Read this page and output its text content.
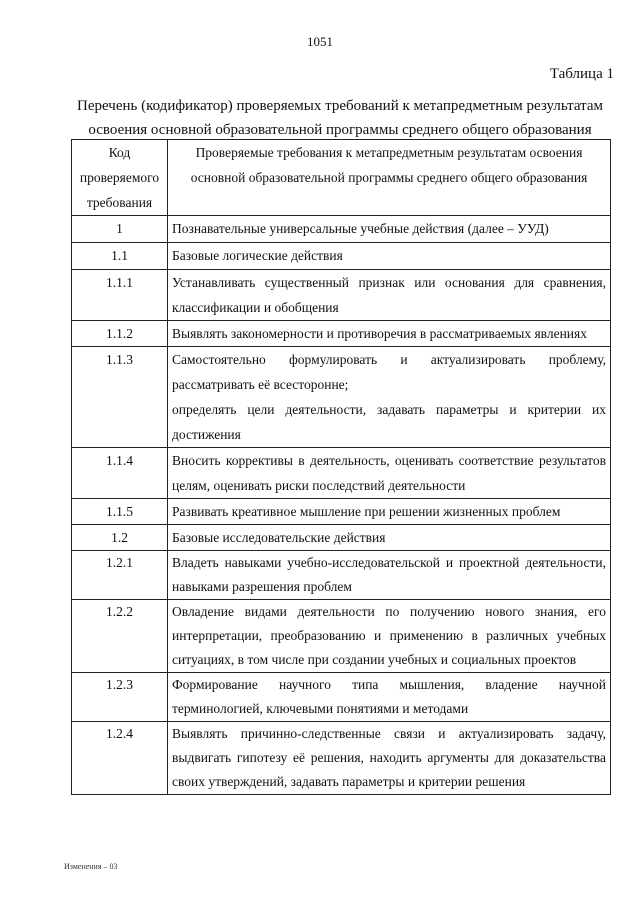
1051
Таблица 1
Перечень (кодификатор) проверяемых требований к метапредметным результатам освоения основной образовательной программы среднего общего образования
Код проверяемого требования	Проверяемые требования к метапредметным результатам освоения основной образовательной программы среднего общего образования
1	Познавательные универсальные учебные действия (далее – УУД)

1.1	Базовые логические действия

1.1.1	Устанавливать существенный признак или основания для сравнения, классификации и обобщения

1.1.2	Выявлять закономерности и противоречия в рассматриваемых явлениях

1.1.3	Самостоятельно формулировать и актуализировать проблему, рассматривать её всесторонне;
определять цели деятельности, задавать параметры и критерии их достижения

1.1.4	Вносить коррективы в деятельность, оценивать соответствие результатов целям, оценивать риски последствий деятельности

1.1.5	Развивать креативное мышление при решении жизненных проблем

1.2	Базовые исследовательские действия

1.2.1	Владеть навыками учебно-исследовательской и проектной деятельности, навыками разрешения проблем

1.2.2	Овладение видами деятельности по получению нового знания, его интерпретации, преобразованию и применению в различных учебных ситуациях, в том числе при создании учебных и социальных проектов

1.2.3	Формирование научного типа мышления, владение научной терминологией, ключевыми понятиями и методами

1.2.4	Выявлять причинно-следственные связи и актуализировать задачу, выдвигать гипотезу её решения, находить аргументы для доказательства своих утверждений, задавать параметры и критерии решения
Изменения – 03
